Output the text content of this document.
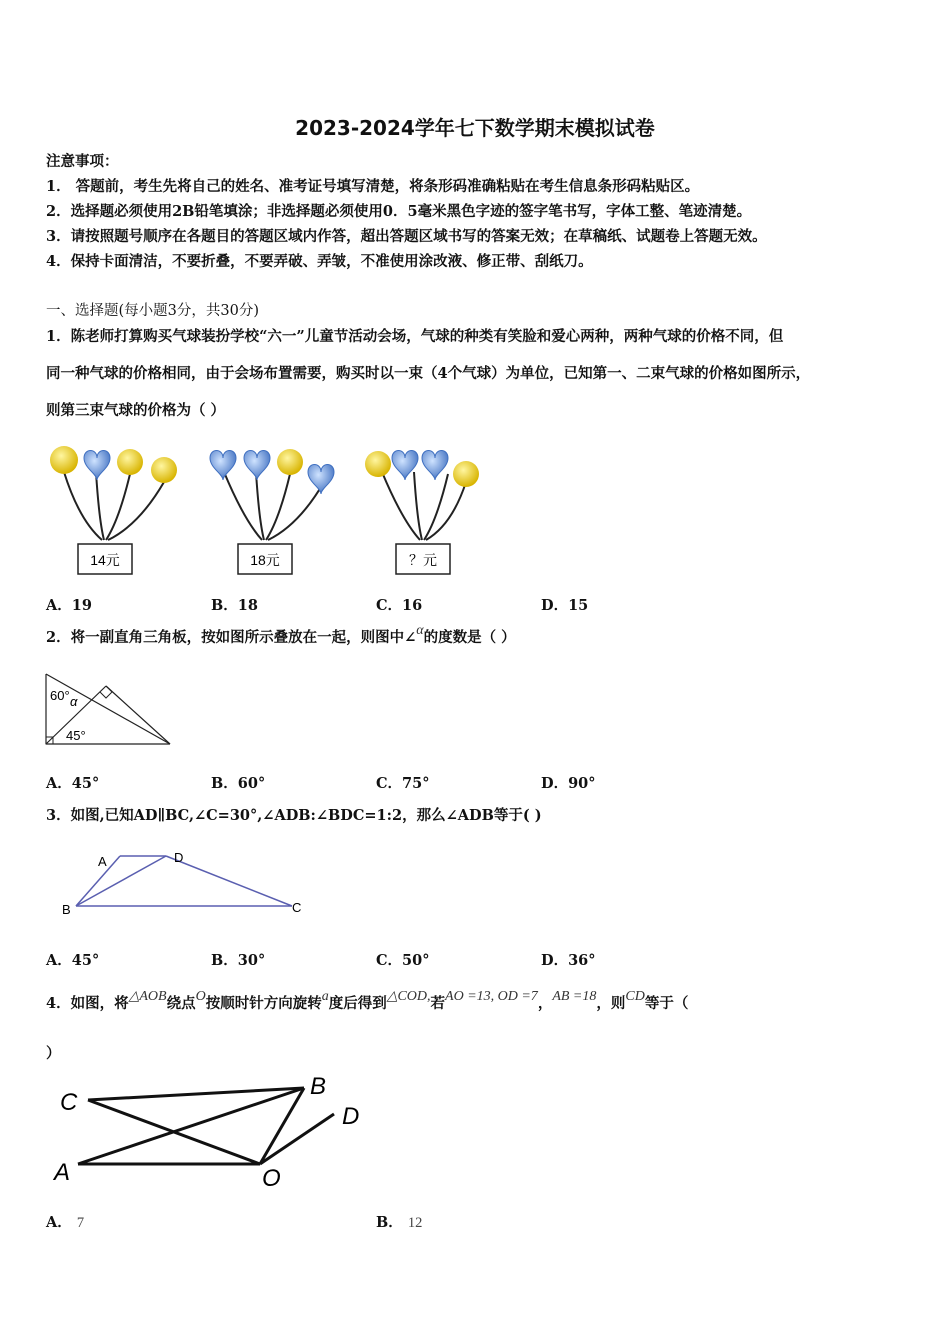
2023-2024学年七下数学期末模拟试卷
注意事项：
1． 答题前，考生先将自己的姓名、准考证号填写清楚，将条形码准确粘贴在考生信息条形码粘贴区。
2．选择题必须使用2B铅笔填涂；非选择题必须使用0．5毫米黑色字迹的签字笔书写，字体工整、笔迹清楚。
3．请按照题号顺序在各题目的答题区域内作答，超出答题区域书写的答案无效；在草稿纸、试题卷上答题无效。
4．保持卡面清洁，不要折叠，不要弄破、弄皱，不准使用涂改液、修正带、刮纸刀。
一、选择题(每小题3分，共30分)
1．陈老师打算购买气球装扮学校“六一”儿童节活动会场，气球的种类有笑脸和爱心两种，两种气球的价格不同，但
同一种气球的价格相同，由于会场布置需要，购买时以一束（4个气球）为单位，已知第一、二束气球的价格如图所示，
则第三束气球的价格为（ ）
14元	18元	？元
A．19	B．18	C．16	D．15
2．将一副直角三角板，按如图所示叠放在一起，则图中∠α的度数是（ ）
60° α
45°
A．45°	B．60°	C．75°	D．90°
3．如图,已知AD∥BC,∠C=30°,∠ADB:∠BDC=1:2，那么∠ADB等于( )
A	D
B	C
A．45°	B．30°	C．50°	D．36°
4．如图，将△AOB绕点O按顺时针方向旋转a度后得到△COD,若AO =13, OD =7，AB =18，则CD等于（
）
C
B
D
A	O
A． 7	B． 12
